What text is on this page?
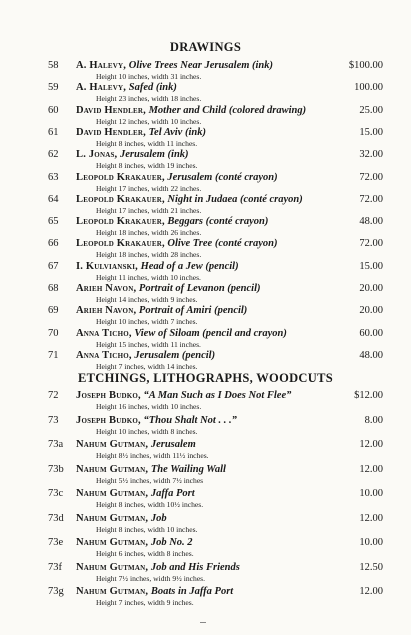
DRAWINGS
58	A. Halevy, Olive Trees Near Jerusalem (ink)	$100.00
Height 10 inches, width 31 inches.
59	A. Halevy, Safed (ink)	100.00
Height 23 inches, width 18 inches.
60	David Hendler, Mother and Child (colored drawing)	25.00
Height 12 inches, width 10 inches.
61	David Hendler, Tel Aviv (ink)	15.00
Height 8 inches, width 11 inches.
62	L. Jonas, Jerusalem (ink)	32.00
Height 8 inches, width 19 inches.
63	Leopold Krakauer, Jerusalem (conté crayon)	72.00
Height 17 inches, width 22 inches.
64	Leopold Krakauer, Night in Judaea (conté crayon)	72.00
Height 17 inches, width 21 inches.
65	Leopold Krakauer, Beggars (conté crayon)	48.00
Height 18 inches, width 26 inches.
66	Leopold Krakauer, Olive Tree (conté crayon)	72.00
Height 18 inches, width 28 inches.
67	I. Kulvianski, Head of a Jew (pencil)	15.00
Height 11 inches, width 10 inches.
68	Arieh Navon, Portrait of Levanon (pencil)	20.00
Height 14 inches, width 9 inches.
69	Arieh Navon, Portrait of Amiri (pencil)	20.00
Height 10 inches, width 7 inches.
70	Anna Ticho, View of Siloam (pencil and crayon)	60.00
Height 15 inches, width 11 inches.
71	Anna Ticho, Jerusalem (pencil)	48.00
Height 7 inches, width 14 inches.
ETCHINGS, LITHOGRAPHS, WOODCUTS
72	Joseph Budko, “A Man Such as I Does Not Flee”	$12.00
Height 16 inches, width 10 inches.
73	Joseph Budko, “Thou Shalt Not . . .”	8.00
Height 10 inches, width 8 inches.
73a	Nahum Gutman, Jerusalem	12.00
Height 8½ inches, width 11½ inches.
73b	Nahum Gutman, The Wailing Wall	12.00
Height 5½ inches, width 7½ inches
73c	Nahum Gutman, Jaffa Port	10.00
Height 8 inches, width 10½ inches.
73d	Nahum Gutman, Job	12.00
Height 8 inches, width 10 inches.
73e	Nahum Gutman, Job No. 2	10.00
Height 6 inches, width 8 inches.
73f	Nahum Gutman, Job and His Friends	12.50
Height 7½ inches, width 9½ inches.
73g	Nahum Gutman, Boats in Jaffa Port	12.00
Height 7 inches, width 9 inches.
